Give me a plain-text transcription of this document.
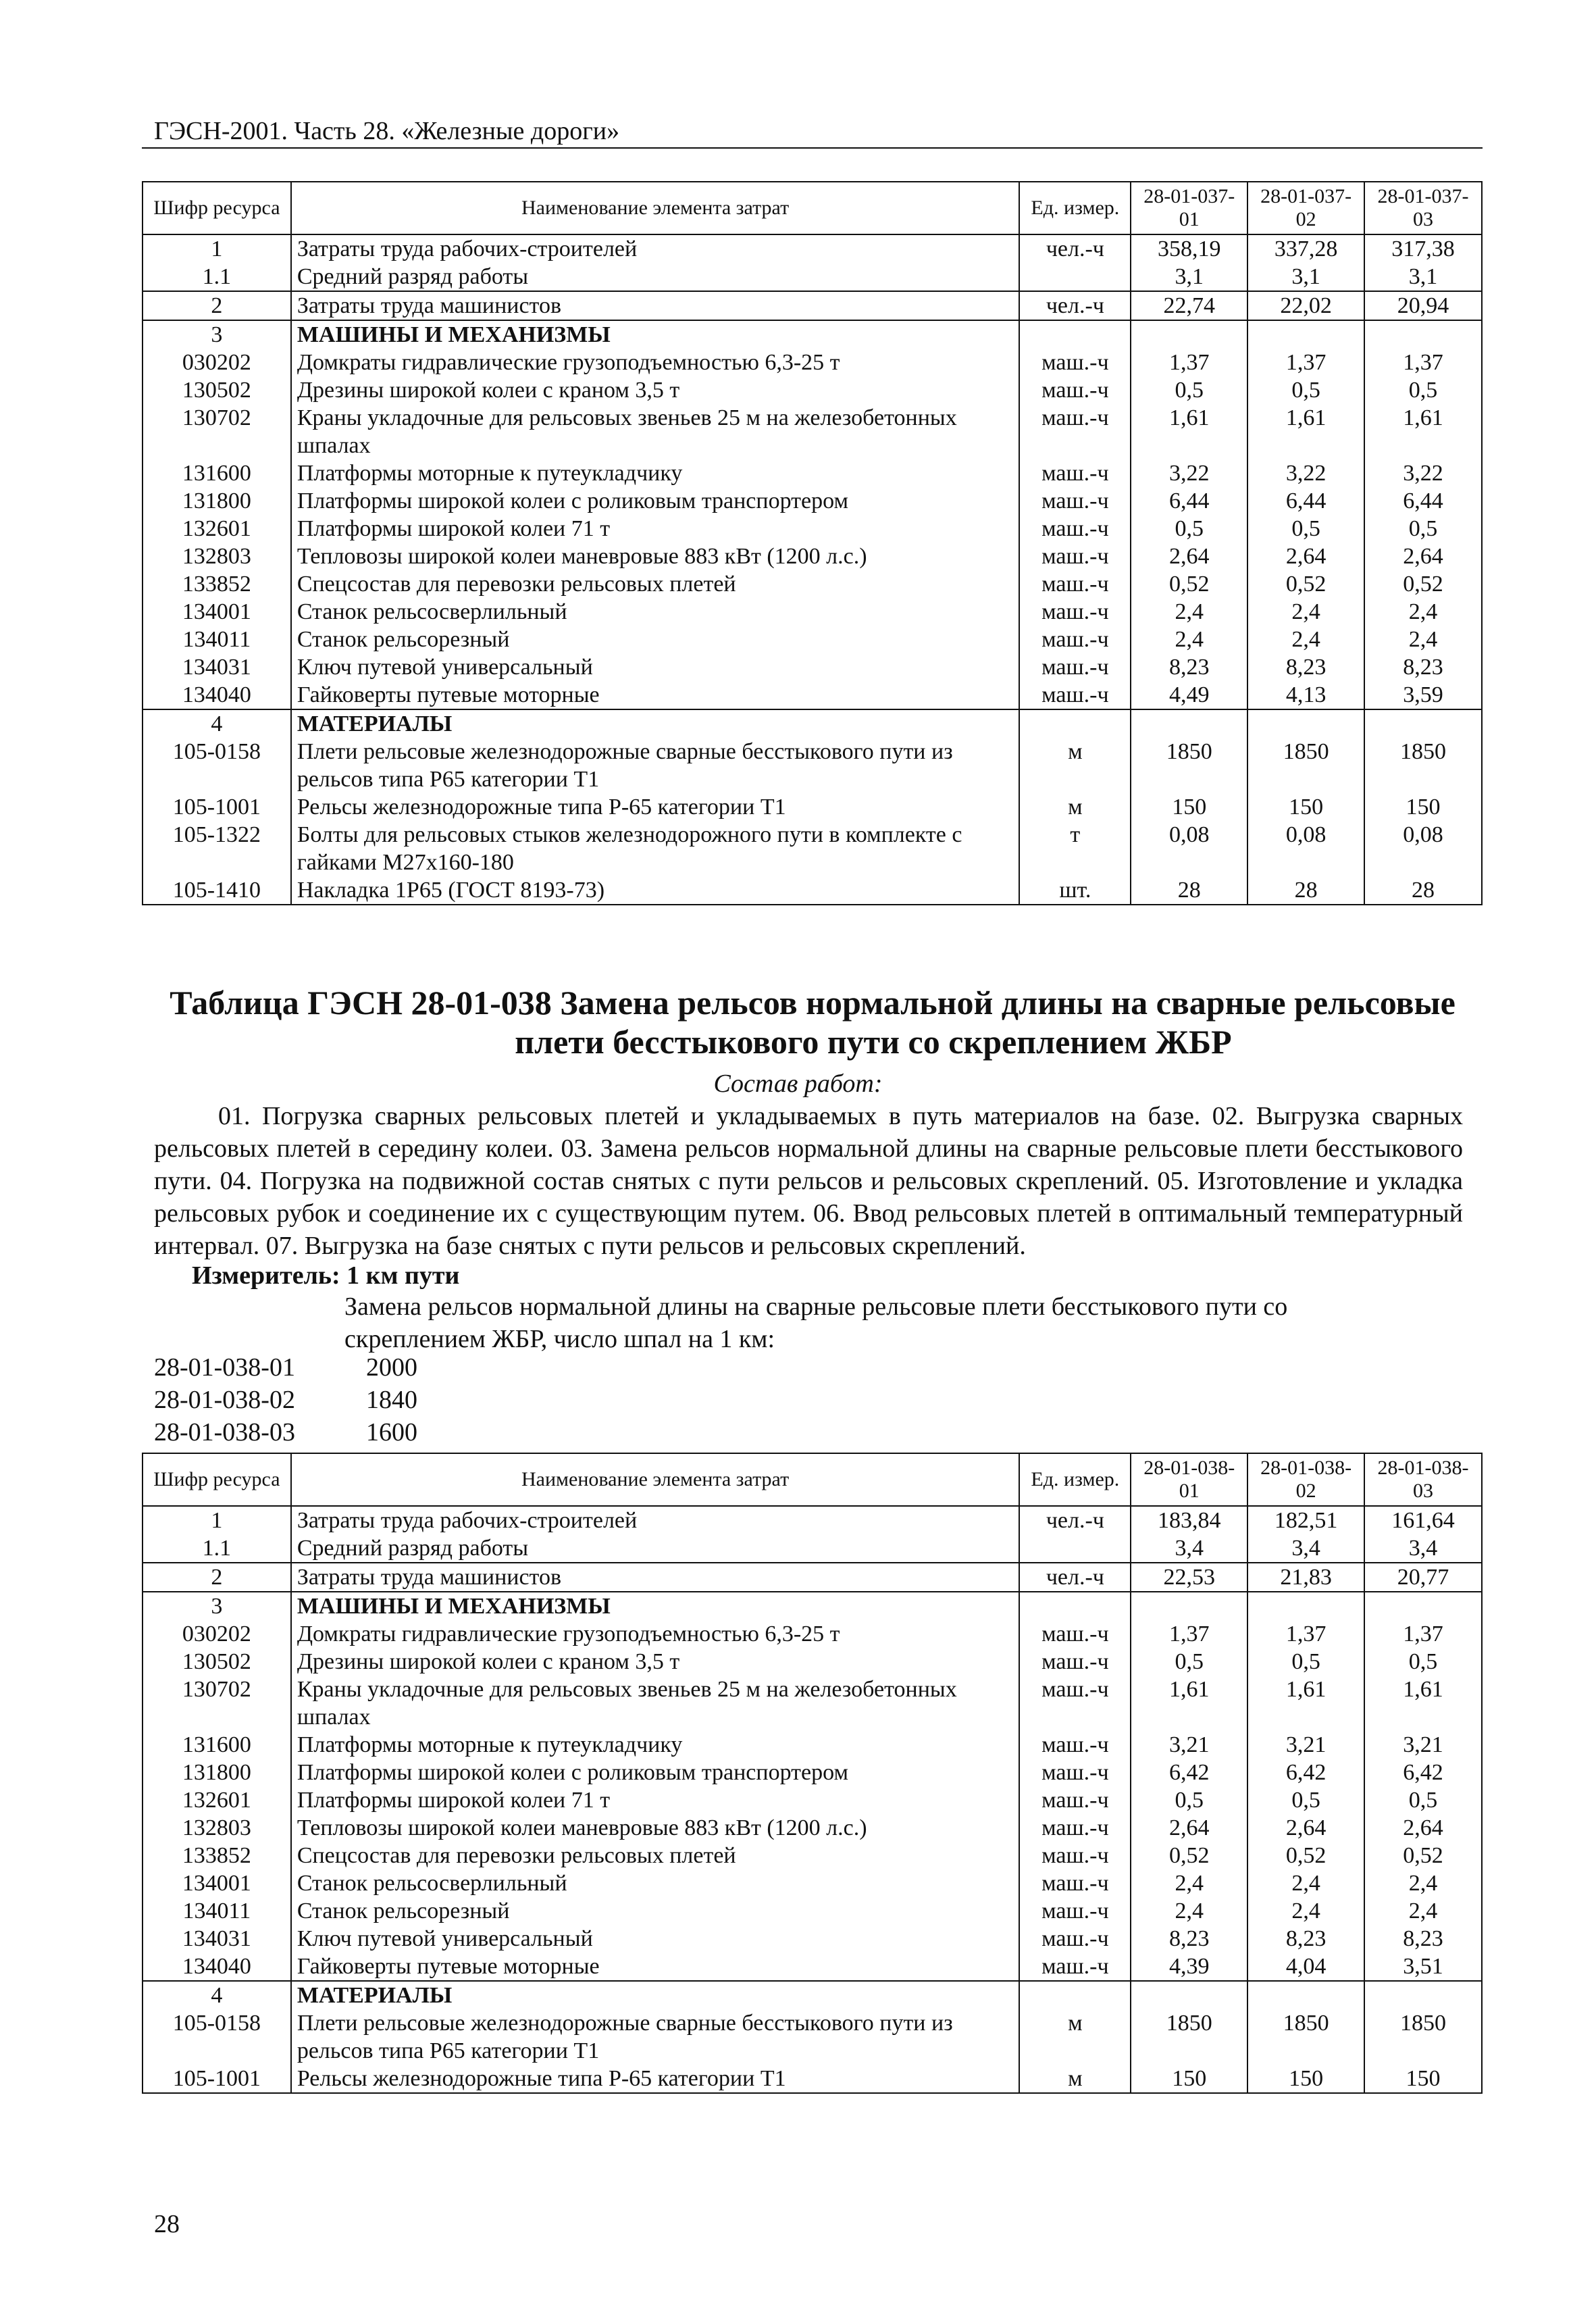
ГЭСН-2001. Часть 28. «Железные дороги»
Шифр ресурса	Наименование элемента затрат	Ед. измер.	28-01-037-01	28-01-037-02	28-01-037-03
1	Затраты труда рабочих-строителей	чел.-ч	358,19	337,28	317,38
1.1	Средний разряд работы		3,1	3,1	3,1
2	Затраты труда машинистов	чел.-ч	22,74	22,02	20,94
3	МАШИНЫ И МЕХАНИЗМЫ				
030202	Домкраты гидравлические грузоподъемностью 6,3-25 т	маш.-ч	1,37	1,37	1,37
130502	Дрезины широкой колеи с краном 3,5 т	маш.-ч	0,5	0,5	0,5
130702	Краны укладочные для рельсовых звеньев 25 м на железобетонных шпалах	маш.-ч	1,61	1,61	1,61
131600	Платформы моторные к путеукладчику	маш.-ч	3,22	3,22	3,22
131800	Платформы широкой колеи с роликовым транспортером	маш.-ч	6,44	6,44	6,44
132601	Платформы широкой колеи 71 т	маш.-ч	0,5	0,5	0,5
132803	Тепловозы широкой колеи маневровые 883 кВт (1200 л.с.)	маш.-ч	2,64	2,64	2,64
133852	Спецсостав для перевозки рельсовых плетей	маш.-ч	0,52	0,52	0,52
134001	Станок рельсосверлильный	маш.-ч	2,4	2,4	2,4
134011	Станок рельсорезный	маш.-ч	2,4	2,4	2,4
134031	Ключ путевой универсальный	маш.-ч	8,23	8,23	8,23
134040	Гайковерты путевые моторные	маш.-ч	4,49	4,13	3,59
4	МАТЕРИАЛЫ				
105-0158	Плети рельсовые железнодорожные сварные бесстыкового пути из рельсов типа Р65 категории Т1	м	1850	1850	1850
105-1001	Рельсы железнодорожные типа Р-65 категории Т1	м	150	150	150
105-1322	Болты для рельсовых стыков железнодорожного пути в комплекте с гайками М27х160-180	т	0,08	0,08	0,08
105-1410	Накладка 1Р65 (ГОСТ 8193-73)	шт.	28	28	28
Таблица ГЭСН 28-01-038 Замена рельсов нормальной длины на сварные рельсовые
плети бесстыкового пути со скреплением ЖБР
Состав работ:
01. Погрузка сварных рельсовых плетей и укладываемых в путь материалов на базе. 02. Выгрузка сварных рельсовых плетей в середину колеи. 03. Замена рельсов нормальной длины на сварные рельсовые плети бесстыкового пути. 04. Погрузка на подвижной состав снятых с пути рельсов и рельсовых скреплений. 05. Изготовление и укладка рельсовых рубок и соединение их с существующим путем. 06. Ввод рельсовых плетей в оптимальный температурный интервал. 07. Выгрузка на базе снятых с пути рельсов и рельсовых скреплений.
Измеритель: 1 км пути
Замена рельсов нормальной длины на сварные рельсовые плети бесстыкового пути со скреплением ЖБР, число шпал на 1 км:
28-01-038-01	2000
28-01-038-02	1840
28-01-038-03	1600
Шифр ресурса	Наименование элемента затрат	Ед. измер.	28-01-038-01	28-01-038-02	28-01-038-03
1	Затраты труда рабочих-строителей	чел.-ч	183,84	182,51	161,64
1.1	Средний разряд работы		3,4	3,4	3,4
2	Затраты труда машинистов	чел.-ч	22,53	21,83	20,77
3	МАШИНЫ И МЕХАНИЗМЫ				
030202	Домкраты гидравлические грузоподъемностью 6,3-25 т	маш.-ч	1,37	1,37	1,37
130502	Дрезины широкой колеи с краном 3,5 т	маш.-ч	0,5	0,5	0,5
130702	Краны укладочные для рельсовых звеньев 25 м на железобетонных шпалах	маш.-ч	1,61	1,61	1,61
131600	Платформы моторные к путеукладчику	маш.-ч	3,21	3,21	3,21
131800	Платформы широкой колеи с роликовым транспортером	маш.-ч	6,42	6,42	6,42
132601	Платформы широкой колеи 71 т	маш.-ч	0,5	0,5	0,5
132803	Тепловозы широкой колеи маневровые 883 кВт (1200 л.с.)	маш.-ч	2,64	2,64	2,64
133852	Спецсостав для перевозки рельсовых плетей	маш.-ч	0,52	0,52	0,52
134001	Станок рельсосверлильный	маш.-ч	2,4	2,4	2,4
134011	Станок рельсорезный	маш.-ч	2,4	2,4	2,4
134031	Ключ путевой универсальный	маш.-ч	8,23	8,23	8,23
134040	Гайковерты путевые моторные	маш.-ч	4,39	4,04	3,51
4	МАТЕРИАЛЫ				
105-0158	Плети рельсовые железнодорожные сварные бесстыкового пути из рельсов типа Р65 категории Т1	м	1850	1850	1850
105-1001	Рельсы железнодорожные типа Р-65 категории Т1	м	150	150	150
28
